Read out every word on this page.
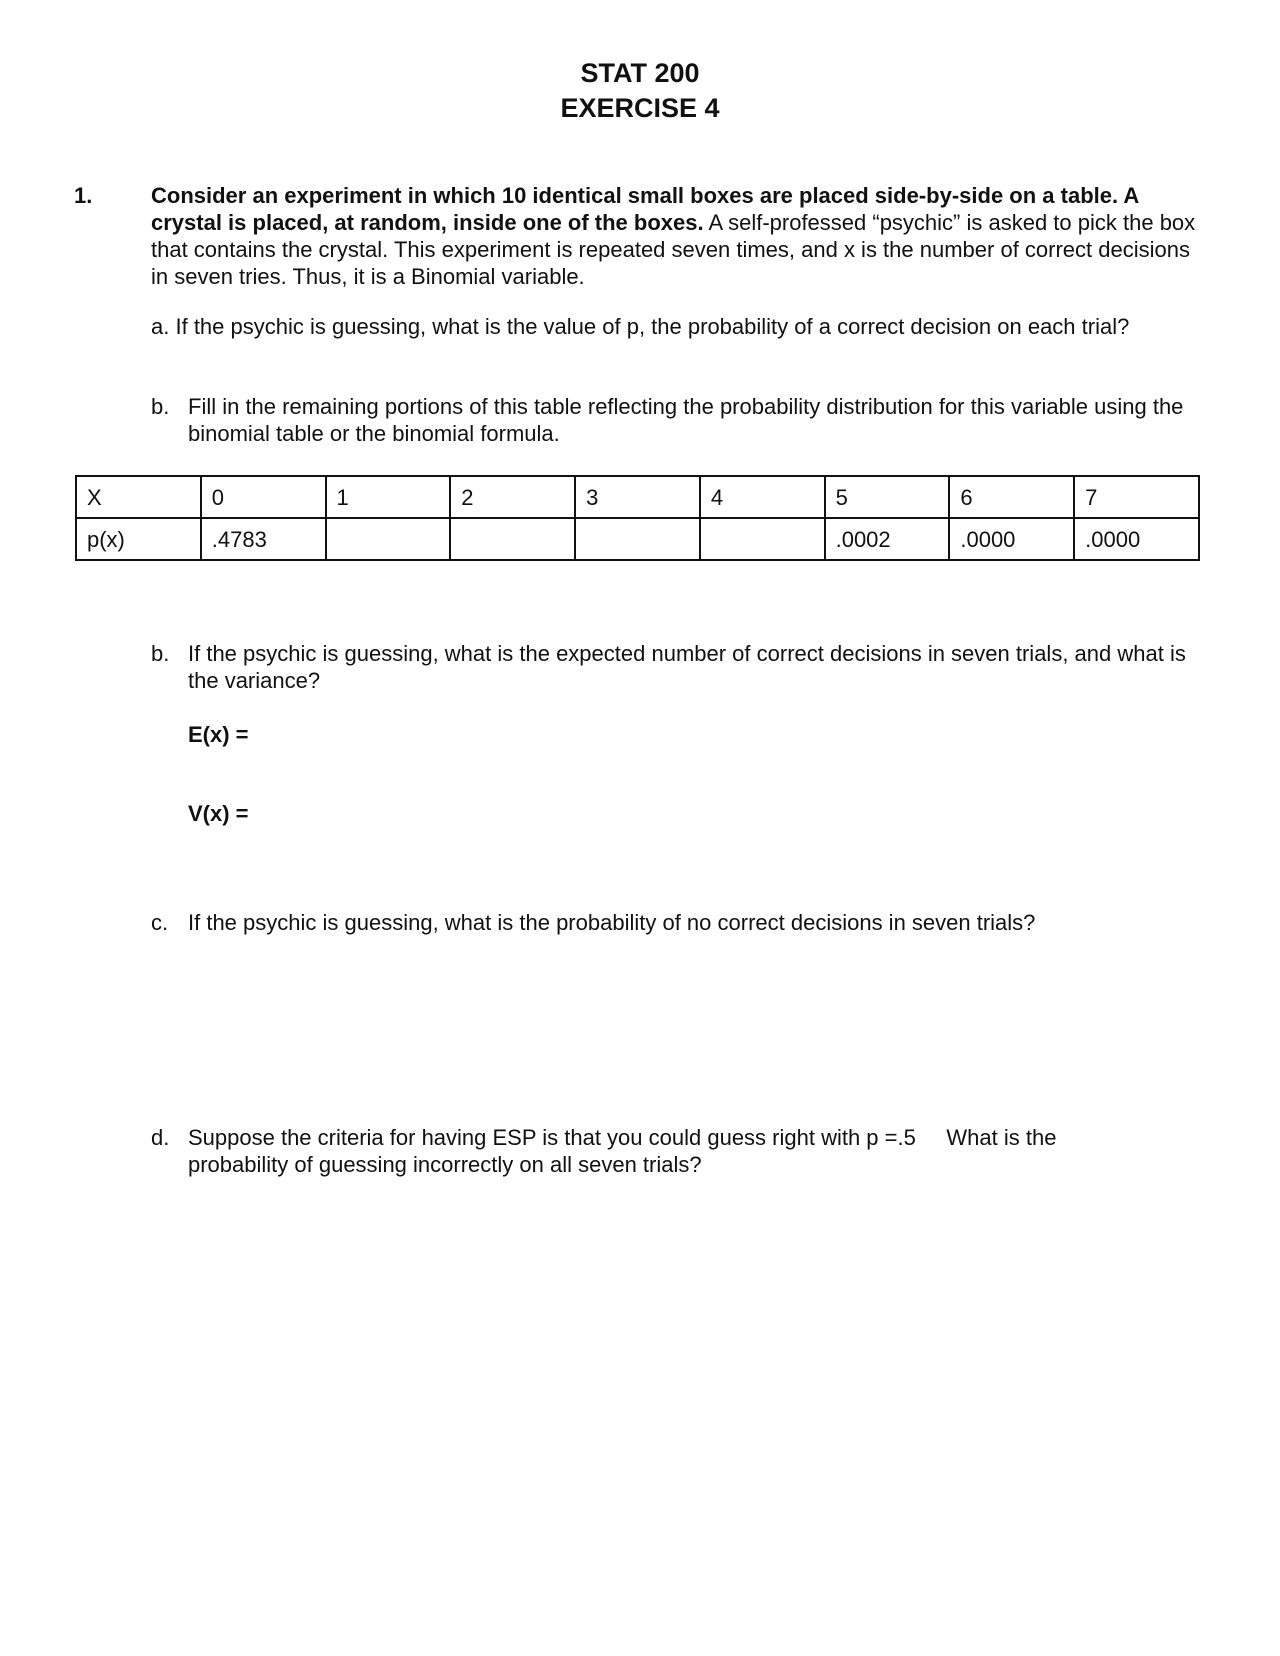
STAT 200
EXERCISE 4
1.	Consider an experiment in which 10 identical small boxes are placed side-by-side on a table. A crystal is placed, at random, inside one of the boxes. A self-professed “psychic” is asked to pick the box that contains the crystal. This experiment is repeated seven times, and x is the number of correct decisions in seven tries. Thus, it is a Binomial variable.

a. If the psychic is guessing, what is the value of p, the probability of a correct decision on each trial?
b. Fill in the remaining portions of this table reflecting the probability distribution for this variable using the binomial table or the binomial formula.
X	0	1	2	3	4	5	6	7
p(x)	.4783					.0002	.0000	.0000
b. If the psychic is guessing, what is the expected number of correct decisions in seven trials, and what is the variance?
E(x) =
V(x) =
c. If the psychic is guessing, what is the probability of no correct decisions in seven trials?
d. Suppose the criteria for having ESP is that you could guess right with p =.5     What is the probability of guessing incorrectly on all seven trials?
